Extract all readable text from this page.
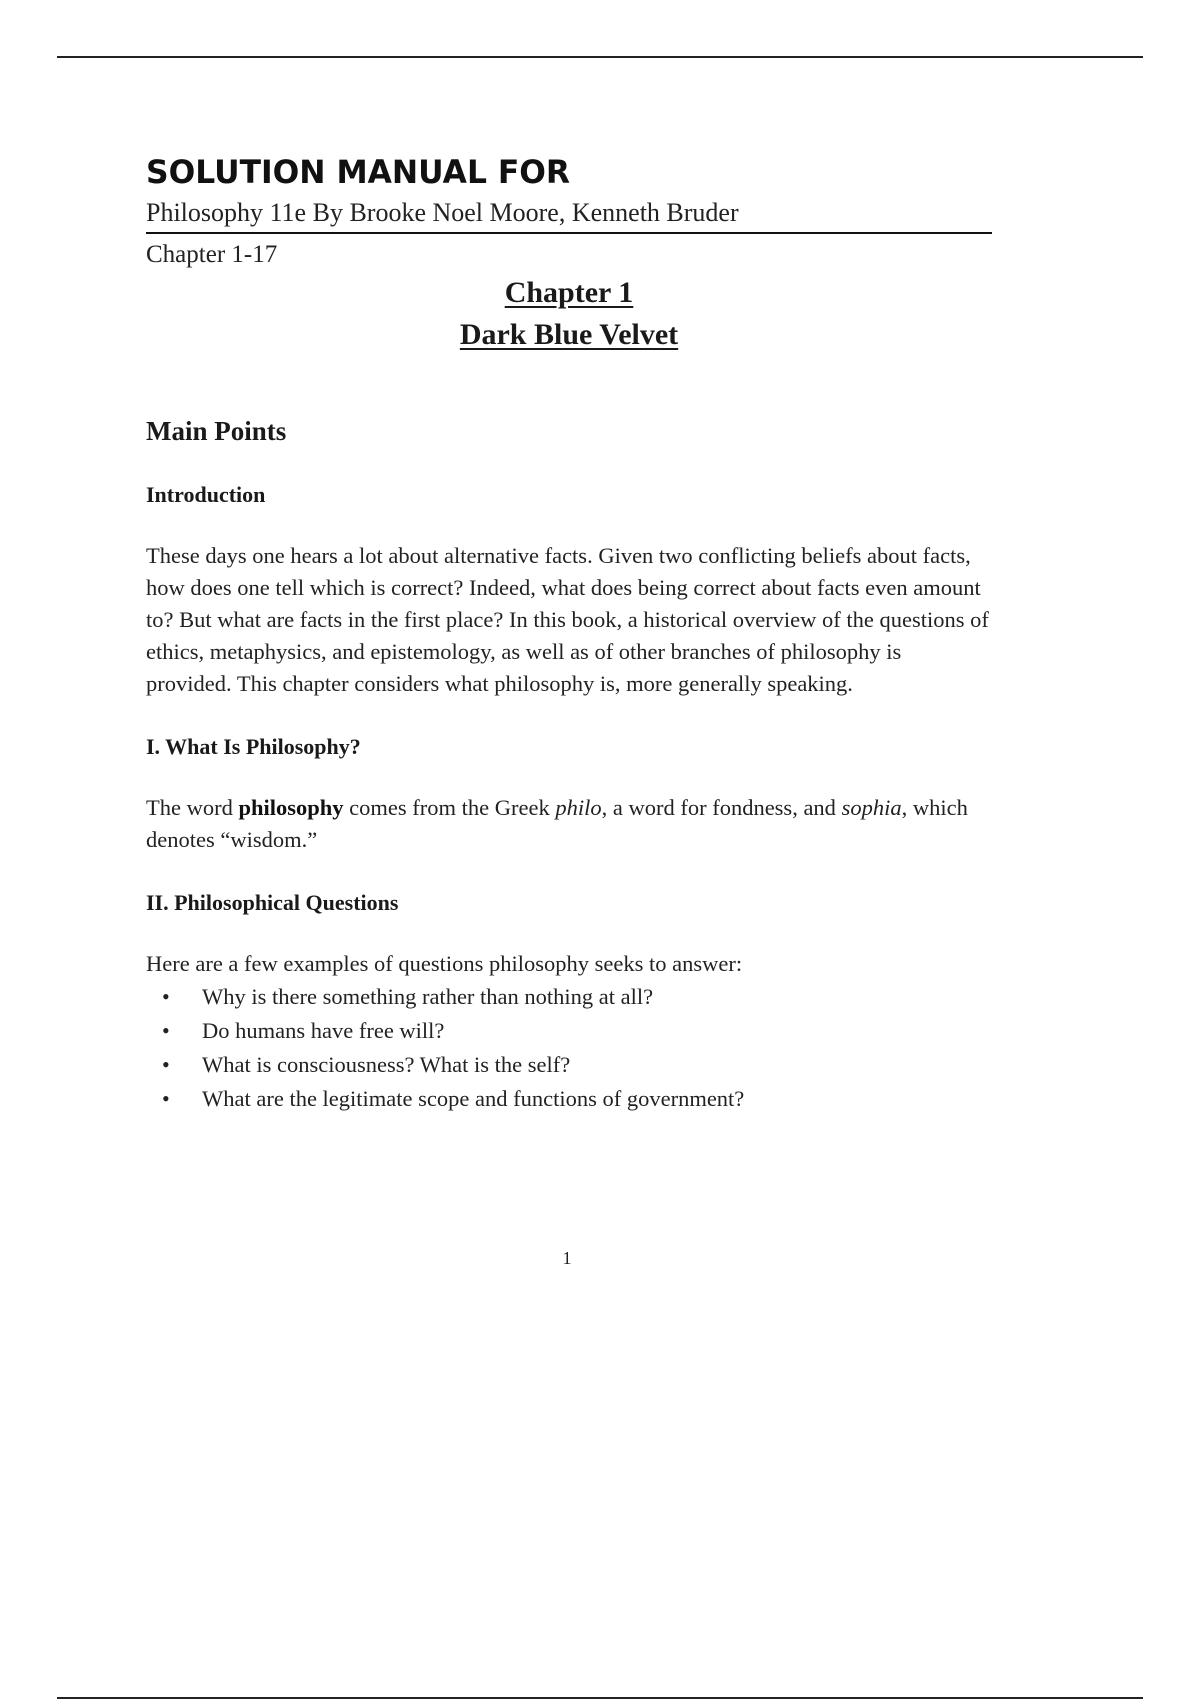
SOLUTION MANUAL FOR
Philosophy 11e By Brooke Noel Moore, Kenneth Bruder
Chapter 1-17
Chapter 1
Dark Blue Velvet
Main Points
Introduction
These days one hears a lot about alternative facts. Given two conflicting beliefs about facts, how does one tell which is correct? Indeed, what does being correct about facts even amount to? But what are facts in the first place? In this book, a historical overview of the questions of ethics, metaphysics, and epistemology, as well as of other branches of philosophy is provided. This chapter considers what philosophy is, more generally speaking.
I. What Is Philosophy?
The word philosophy comes from the Greek philo, a word for fondness, and sophia, which denotes “wisdom.”
II. Philosophical Questions
Here are a few examples of questions philosophy seeks to answer:
• Why is there something rather than nothing at all?
• Do humans have free will?
• What is consciousness? What is the self?
• What are the legitimate scope and functions of government?
1
